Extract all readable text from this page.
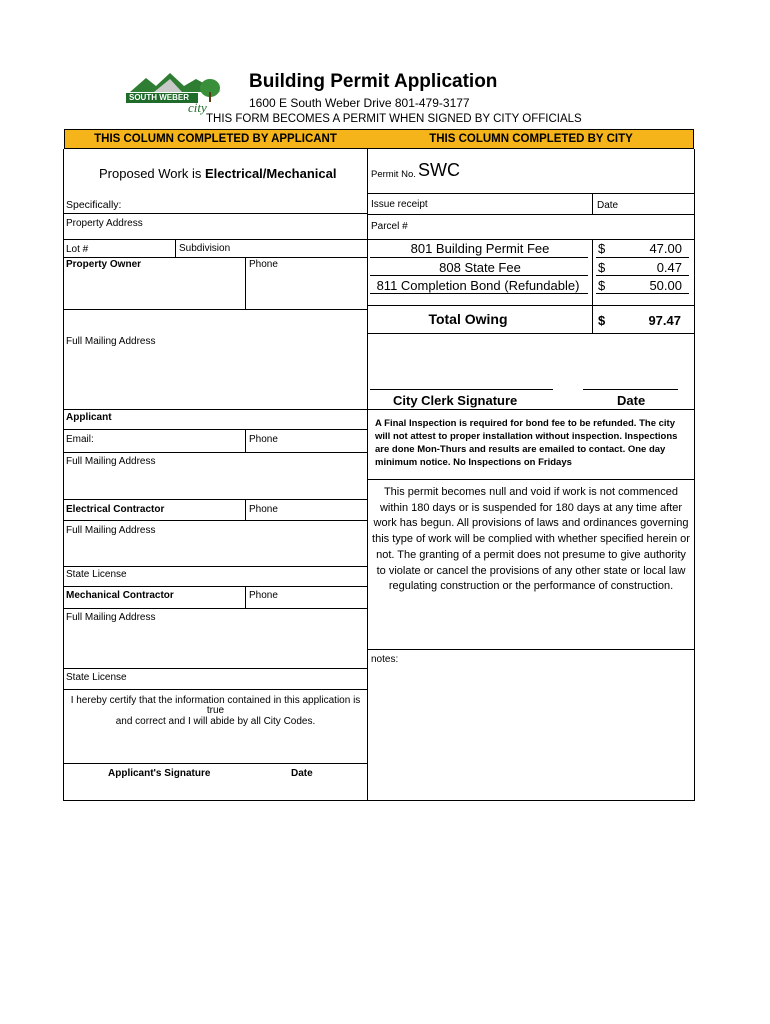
SOUTH WEBER
city
Building Permit Application
1600 E South Weber Drive 801-479-3177
THIS FORM BECOMES A PERMIT WHEN SIGNED BY CITY OFFICIALS
THIS COLUMN COMPLETED BY APPLICANT	THIS COLUMN COMPLETED BY CITY
Proposed Work is Electrical/Mechanical
Specifically:
Property Address
Lot #	Subdivision
Property Owner	Phone
Full Mailing Address
Applicant
Email:	Phone
Full Mailing Address
Electrical Contractor	Phone
Full Mailing Address
State License
Mechanical Contractor	Phone
Full Mailing Address
State License
I hereby certify that the information contained in this application is
true
and correct and I will abide by all City Codes.
Applicant's Signature	Date
Permit No. SWC
Issue receipt	Date
Parcel #
801 Building Permit Fee	$	47.00
808 State Fee	$	0.47
811 Completion Bond (Refundable)	$	50.00
Total Owing	$	97.47
City Clerk Signature	Date
A Final Inspection is required for bond fee to be refunded. The city will not attest to proper installation without inspection. Inspections are done Mon-Thurs and results are emailed to contact. One day minimum notice. No Inspections on Fridays
This permit becomes null and void if work is not commenced within 180 days or is suspended for 180 days at any time after work has begun. All provisions of laws and ordinances governing this type of work will be complied with whether specified herein or not. The granting of a permit does not presume to give authority to violate or cancel the provisions of any other state or local law regulating construction or the performance of construction.
notes:
